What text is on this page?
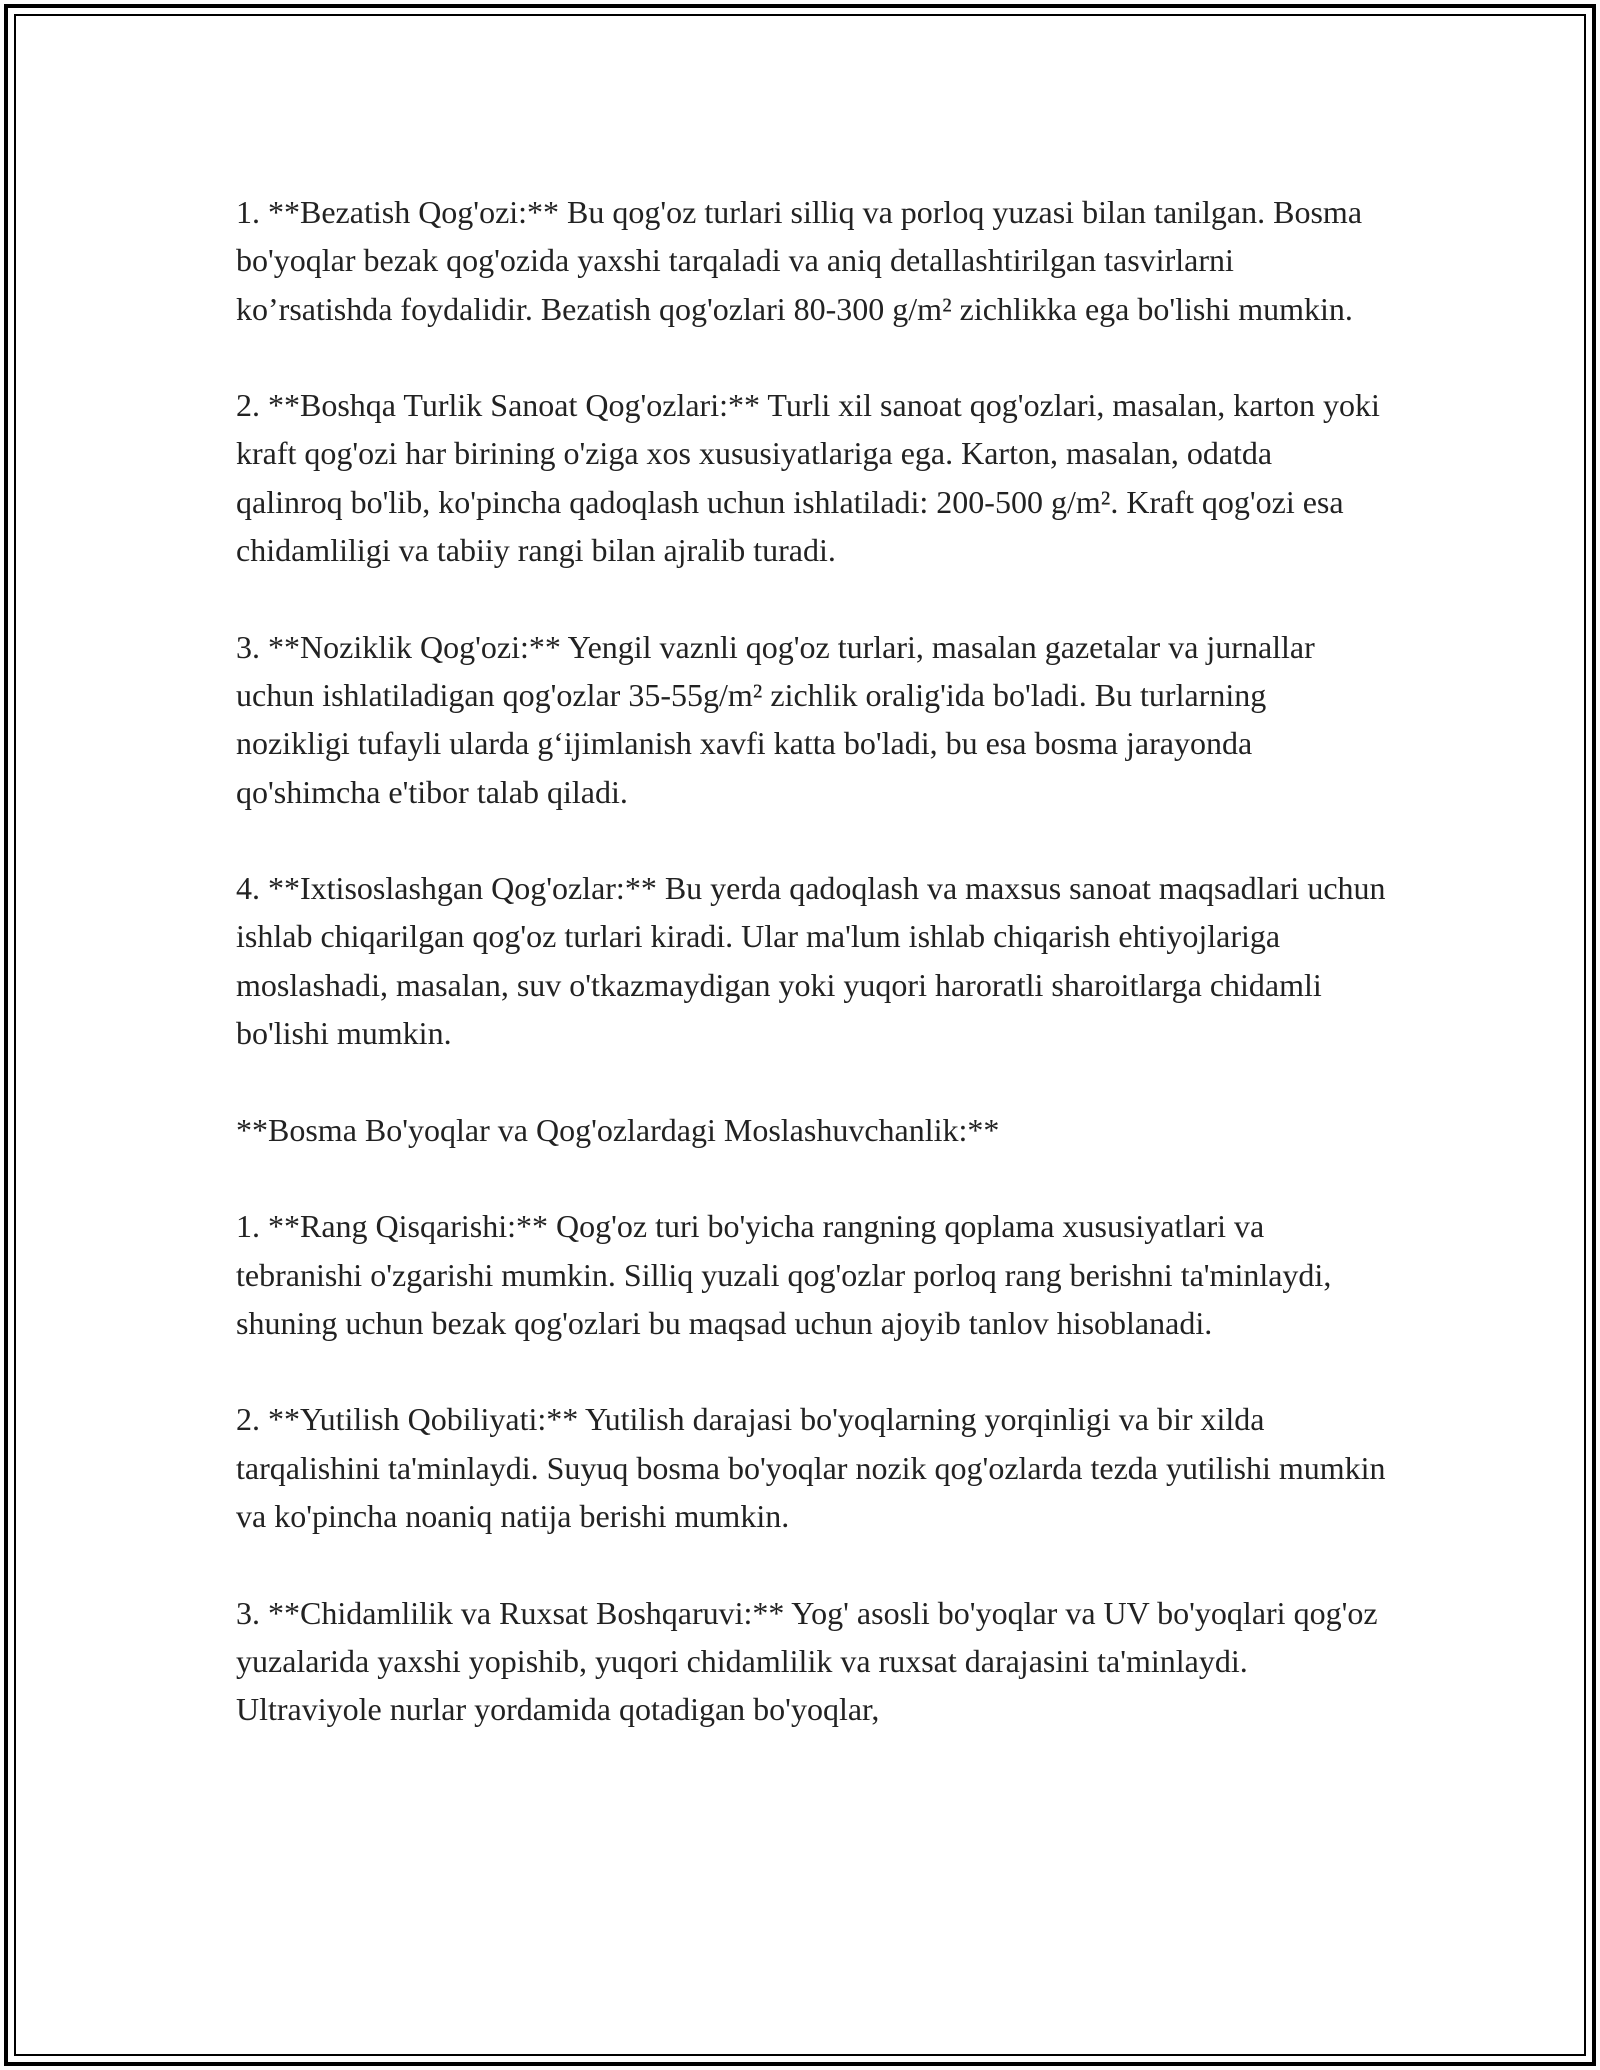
1. **Bezatish Qog'ozi:** Bu qog'oz turlari silliq va porloq yuzasi bilan tanilgan. Bosma bo'yoqlar bezak qog'ozida yaxshi tarqaladi va aniq detallashtirilgan tasvirlarni ko’rsatishda foydalidir. Bezatish qog'ozlari 80-300 g/m² zichlikka ega bo'lishi mumkin.

2. **Boshqa Turlik Sanoat Qog'ozlari:** Turli xil sanoat qog'ozlari, masalan, karton yoki kraft qog'ozi har birining o'ziga xos xususiyatlariga ega. Karton, masalan, odatda qalinroq bo'lib, ko'pincha qadoqlash uchun ishlatiladi: 200-500 g/m². Kraft qog'ozi esa chidamliligi va tabiiy rangi bilan ajralib turadi.

3. **Noziklik Qog'ozi:** Yengil vaznli qog'oz turlari, masalan gazetalar va jurnallar uchun ishlatiladigan qog'ozlar 35-55g/m² zichlik oralig'ida bo'ladi. Bu turlarning nozikligi tufayli ularda g‘ijimlanish xavfi katta bo'ladi, bu esa bosma jarayonda qo'shimcha e'tibor talab qiladi.

4. **Ixtisoslashgan Qog'ozlar:** Bu yerda qadoqlash va maxsus sanoat maqsadlari uchun ishlab chiqarilgan qog'oz turlari kiradi. Ular ma'lum ishlab chiqarish ehtiyojlariga moslashadi, masalan, suv o'tkazmaydigan yoki yuqori haroratli sharoitlarga chidamli bo'lishi mumkin.

**Bosma Bo'yoqlar va Qog'ozlardagi Moslashuvchanlik:**

1. **Rang Qisqarishi:** Qog'oz turi bo'yicha rangning qoplama xususiyatlari va tebranishi o'zgarishi mumkin. Silliq yuzali qog'ozlar porloq rang berishni ta'minlaydi, shuning uchun bezak qog'ozlari bu maqsad uchun ajoyib tanlov hisoblanadi.

2. **Yutilish Qobiliyati:** Yutilish darajasi bo'yoqlarning yorqinligi va bir xilda tarqalishini ta'minlaydi. Suyuq bosma bo'yoqlar nozik qog'ozlarda tezda yutilishi mumkin va ko'pincha noaniq natija berishi mumkin.

3. **Chidamlilik va Ruxsat Boshqaruvi:** Yog' asosli bo'yoqlar va UV bo'yoqlari qog'oz yuzalarida yaxshi yopishib, yuqori chidamlilik va ruxsat darajasini ta'minlaydi. Ultraviyole nurlar yordamida qotadigan bo'yoqlar,
